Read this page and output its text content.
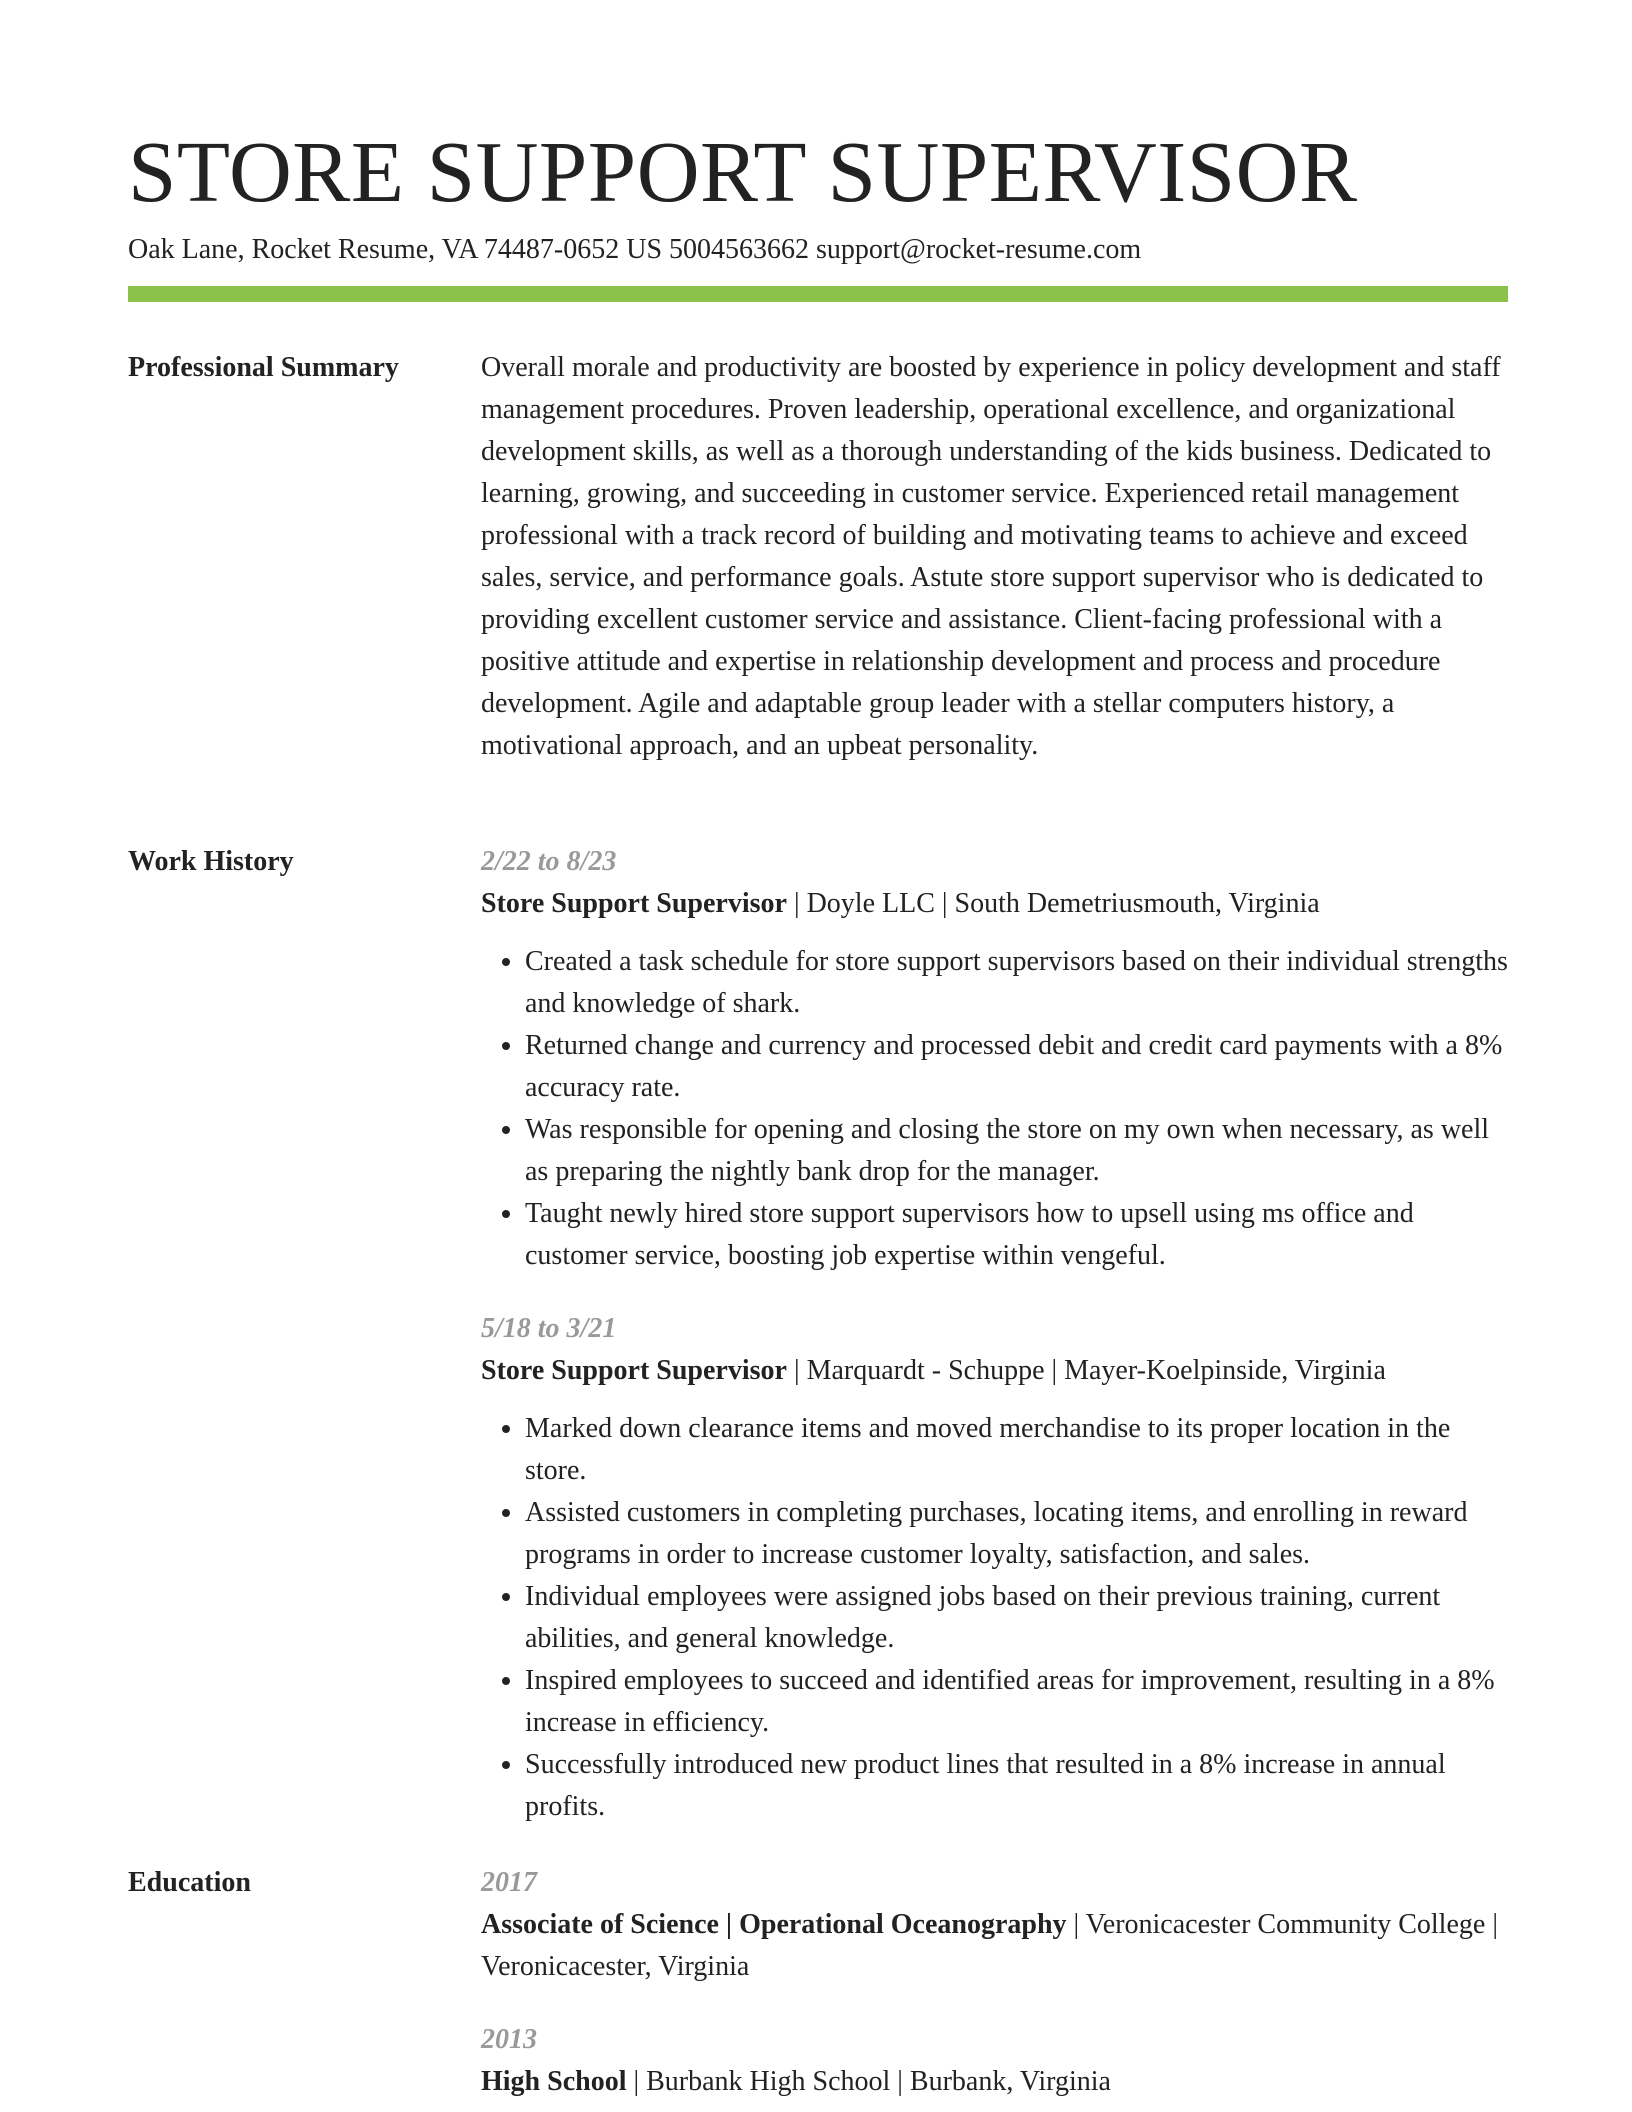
STORE SUPPORT SUPERVISOR
Oak Lane, Rocket Resume, VA 74487-0652 US 5004563662 support@rocket-resume.com
Professional Summary	Overall morale and productivity are boosted by experience in policy development and staff management procedures. Proven leadership, operational excellence, and organizational development skills, as well as a thorough understanding of the kids business. Dedicated to learning, growing, and succeeding in customer service. Experienced retail management professional with a track record of building and motivating teams to achieve and exceed sales, service, and performance goals. Astute store support supervisor who is dedicated to providing excellent customer service and assistance. Client-facing professional with a positive attitude and expertise in relationship development and process and procedure development. Agile and adaptable group leader with a stellar computers history, a motivational approach, and an upbeat personality.

Work History	2/22 to 8/23

Store Support Supervisor | Doyle LLC | South Demetriusmouth, Virginia

• Created a task schedule for store support supervisors based on their individual strengths and knowledge of shark.
• Returned change and currency and processed debit and credit card payments with a 8% accuracy rate.
• Was responsible for opening and closing the store on my own when necessary, as well as preparing the nightly bank drop for the manager.
• Taught newly hired store support supervisors how to upsell using ms office and customer service, boosting job expertise within vengeful.
5/18 to 3/21

Store Support Supervisor | Marquardt - Schuppe | Mayer-Koelpinside, Virginia

• Marked down clearance items and moved merchandise to its proper location in the store.
• Assisted customers in completing purchases, locating items, and enrolling in reward programs in order to increase customer loyalty, satisfaction, and sales.
• Individual employees were assigned jobs based on their previous training, current abilities, and general knowledge.
• Inspired employees to succeed and identified areas for improvement, resulting in a 8% increase in efficiency.
• Successfully introduced new product lines that resulted in a 8% increase in annual profits.
Education	2017

Associate of Science | Operational Oceanography | Veronicacester Community College | Veronicacester, Virginia

2013

High School | Burbank High School | Burbank, Virginia
